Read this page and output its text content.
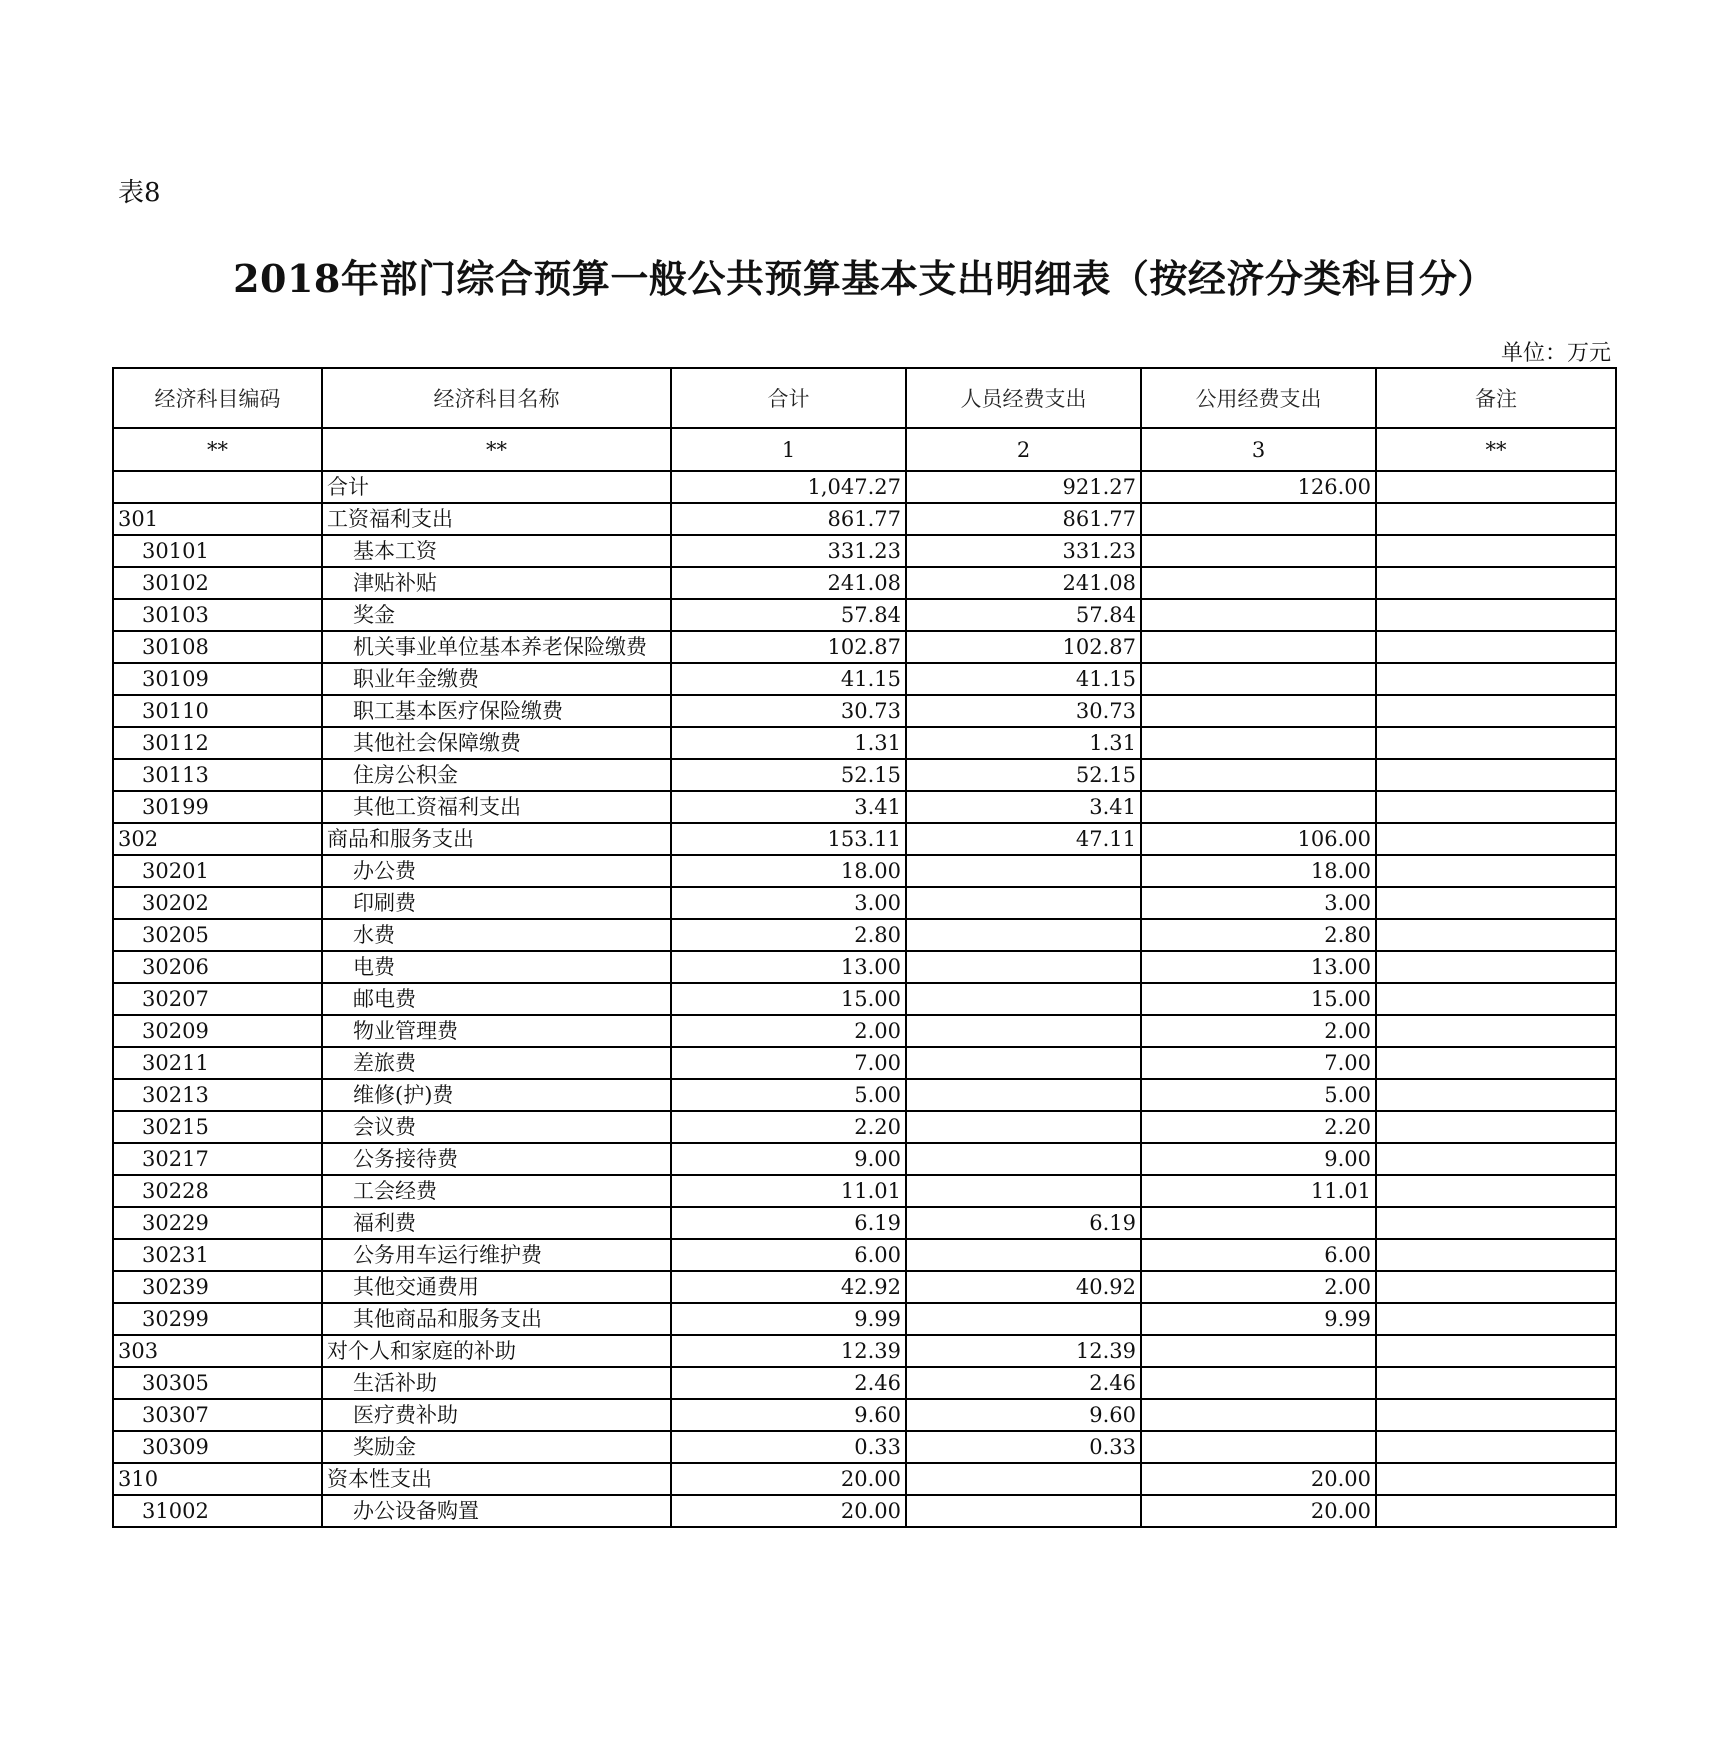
表8
2018年部门综合预算一般公共预算基本支出明细表（按经济分类科目分）
单位：万元
经济科目编码	经济科目名称	合计	人员经费支出	公用经费支出	备注
**	**	1	2	3	**
	合计	1,047.27	921.27	126.00	
301	工资福利支出	861.77	861.77		
30101	基本工资	331.23	331.23		
30102	津贴补贴	241.08	241.08		
30103	奖金	57.84	57.84		
30108	机关事业单位基本养老保险缴费	102.87	102.87		
30109	职业年金缴费	41.15	41.15		
30110	职工基本医疗保险缴费	30.73	30.73		
30112	其他社会保障缴费	1.31	1.31		
30113	住房公积金	52.15	52.15		
30199	其他工资福利支出	3.41	3.41		
302	商品和服务支出	153.11	47.11	106.00	
30201	办公费	18.00		18.00	
30202	印刷费	3.00		3.00	
30205	水费	2.80		2.80	
30206	电费	13.00		13.00	
30207	邮电费	15.00		15.00	
30209	物业管理费	2.00		2.00	
30211	差旅费	7.00		7.00	
30213	维修(护)费	5.00		5.00	
30215	会议费	2.20		2.20	
30217	公务接待费	9.00		9.00	
30228	工会经费	11.01		11.01	
30229	福利费	6.19	6.19		
30231	公务用车运行维护费	6.00		6.00	
30239	其他交通费用	42.92	40.92	2.00	
30299	其他商品和服务支出	9.99		9.99	
303	对个人和家庭的补助	12.39	12.39		
30305	生活补助	2.46	2.46		
30307	医疗费补助	9.60	9.60		
30309	奖励金	0.33	0.33		
310	资本性支出	20.00		20.00	
31002	办公设备购置	20.00		20.00	
